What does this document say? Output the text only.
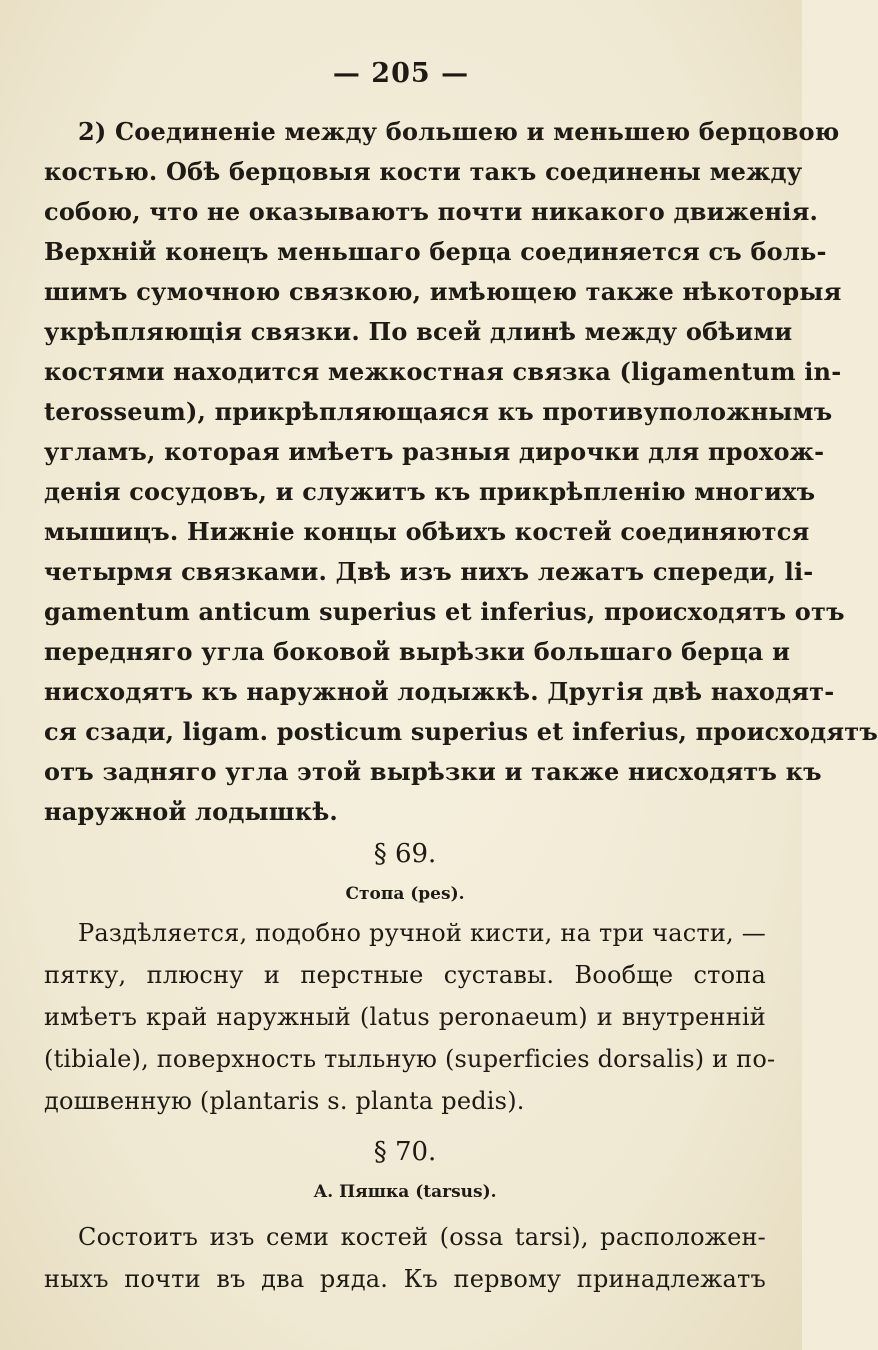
— 205 —
2) Соединеніе между большею и меньшею берцовою
костью. Обѣ берцовыя кости такъ соединены между
собою, что не оказываютъ почти никакого движенія.
Верхній конецъ меньшаго берца соединяется съ боль-
шимъ сумочною связкою, имѣющею также нѣкоторыя
укрѣпляющія связки. По всей длинѣ между обѣими
костями находится межкостная связка (ligamentum in-
terosseum), прикрѣпляющаяся къ противуположнымъ
угламъ, которая имѣетъ разныя дирочки для прохож-
денія сосудовъ, и служитъ къ прикрѣпленію многихъ
мышицъ. Нижніе концы обѣихъ костей соединяются
четырмя связками. Двѣ изъ нихъ лежатъ спереди, li-
gamentum anticum superius et inferius, происходятъ отъ
передняго угла боковой вырѣзки большаго берца и
нисходятъ къ наружной лодыжкѣ. Другія двѣ находят-
ся сзади, ligam. posticum superius et inferius, происходятъ
отъ задняго угла этой вырѣзки и также нисходятъ къ
наружной лодышкѣ.
§ 69.
Стопа (pes).
Раздѣляется, подобно ручной кисти, на три части, —
пятку, плюсну и перстные суставы. Вообще стопа
имѣетъ край наружный (latus peronaeum) и внутренній
(tibiale), поверхность тыльную (superficies dorsalis) и по-
дошвенную (plantaris s. planta pedis).
§ 70.
А. Пяшка (tarsus).
Состоитъ изъ семи костей (ossa tarsi), расположен-
ныхъ почти въ два ряда. Къ первому принадлежатъ
